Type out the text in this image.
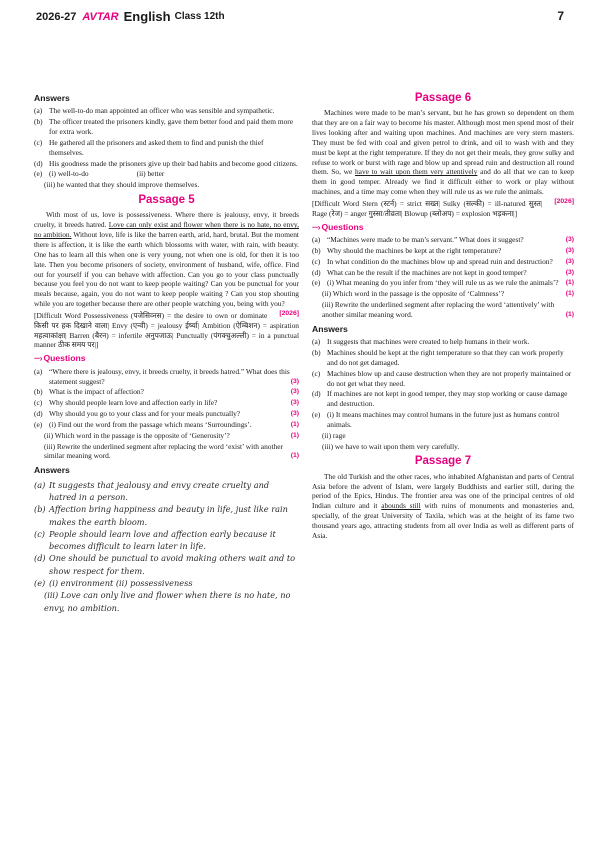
2026-27 AVTAR English Class 12th	7
Answers
(a) The well-to-do man appointed an officer who was sensible and sympathetic.
(b) The officer treated the prisoners kindly, gave them better food and paid them more for extra work.
(c) He gathered all the prisoners and asked them to find and punish the thief themselves.
(d) His goodness made the prisoners give up their bad habits and become good citizens.
(e) (i) well-to-do	(ii) better
(iii) he wanted that they should improve themselves.
Passage 5

With most of us, love is possessiveness. Where there is jealousy, envy, it breeds cruelty, it breeds hatred. Love can only exist and flower when there is no hate, no envy, no ambition. Without love, life is like the barren earth, arid, hard, brutal. But the moment there is affection, it is like the earth which blossoms with water, with rain, with beauty. One has to learn all this when one is very young, not when one is old, for then it is too late. Then you become prisoners of society, environment of husband, wife, office. Find out for yourself if you can behave with affection. Can you go to your class punctually because you feel you do not want to keep people waiting? Can you be punctual for your meals because, again, you do not want to keep people waiting ? Can you stop shouting while you are together because there are other people watching you, being with you?
[2026]

[Difficult Word Possessiveness (पजेसिव्नस) = the desire to own or dominate किसी पर हक दिखाने वाला| Envy (एन्वी) = jealousy ईर्ष्या| Ambition (ऐम्बिशन) = aspiration महत्वाकांक्षा| Barren (बैरन) = infertile अनुपजाऊ| Punctually (पंगक्चुअल्ली) = in a punctual manner ठीक समय पर|]

···› Questions
(a) “Where there is jealousy, envy, it breeds cruelty, it breeds hatred.” What does this statement suggest?	(3)
(b) What is the impact of affection?	(3)
(c) Why should people learn love and affection early in life?	(3)
(d) Why should you go to your class and for your meals punctually?	(3)
(e) (i) Find out the word from the passage which means ‘Surroundings’.	(1)
(ii) Which word in the passage is the opposite of ‘Generosity’?	(1)
(iii) Rewrite the underlined segment after replacing the word ‘exist’ with another similar meaning word.	(1)
Answers
(a) It suggests that jealousy and envy create cruelty and hatred in a person.
(b) Affection bring happiness and beauty in life, just like rain makes the earth bloom.
(c) People should learn love and affection early because it becomes difficult to learn later in life.
(d) One should be punctual to avoid making others wait and to show respect for them.
(e) (i) environment (ii) possessiveness
(iii) Love can only live and flower when there is no hate, no envy, no ambition.
Passage 6

Machines were made to be man’s servant, but he has grown so dependent on them that they are on a fair way to become his master. Although most men spend most of their lives looking after and waiting upon machines. And machines are very stern masters. They must be fed with coal and given petrol to drink, and oil to wash with and they must be kept at the right temperature. If they do not get their meals, they grow sulky and refuse to work or burst with rage and blow up and spread ruin and destruction all round them. So, we have to wait upon them very attentively and do all that we can to keep them in good temper. Already we find it difficult either to work or play without machines, and a time may come when they will rule us as we rule the animals.
[2026]

[Difficult Word Stern (स्टर्न) = strict सख्त| Sulky (सल्की) = ill-natured सुस्त| Rage (रेज) = anger गुस्सा/तीव्रता| Blowup (ब्लोअप) = explosion भड़कना|]

···› Questions
(a) “Machines were made to be man’s servant.” What does it suggest?	(3)
(b) Why should the machines be kept at the right temperature?	(3)
(c) In what condition do the machines blow up and spread ruin and destruction? (3)
(d) What can be the result if the machines are not kept in good temper?	(3)
(e) (i) What meaning do you infer from ‘they will rule us as we rule the animals’? (1)
(ii) Which word in the passage is the opposite of ‘Calmness’?	(1)
(iii) Rewrite the underlined segment after replacing the word ‘attentively’ with another similar meaning word.	(1)
Answers
(a) It suggests that machines were created to help humans in their work.
(b) Machines should be kept at the right temperature so that they can work properly and do not get damaged.
(c) Machines blow up and cause destruction when they are not properly maintained or do not get what they need.
(d) If machines are not kept in good temper, they may stop working or cause damage and destruction.
(e) (i) It means machines may control humans in the future just as humans control animals.
(ii) rage
(iii) we have to wait upon them very carefully.
Passage 7

The old Turkish and the other races, who inhabited Afghanistan and parts of Central Asia before the advent of Islam, were largely Buddhists and earlier still, during the period of the Epics, Hindus. The frontier area was one of the principal centres of old Indian culture and it abounds still with ruins of monuments and monasteries and, specially, of the great University of Taxila, which was at the height of its fame two thousand years ago, attracting students from all over India as well as different parts of Asia.
